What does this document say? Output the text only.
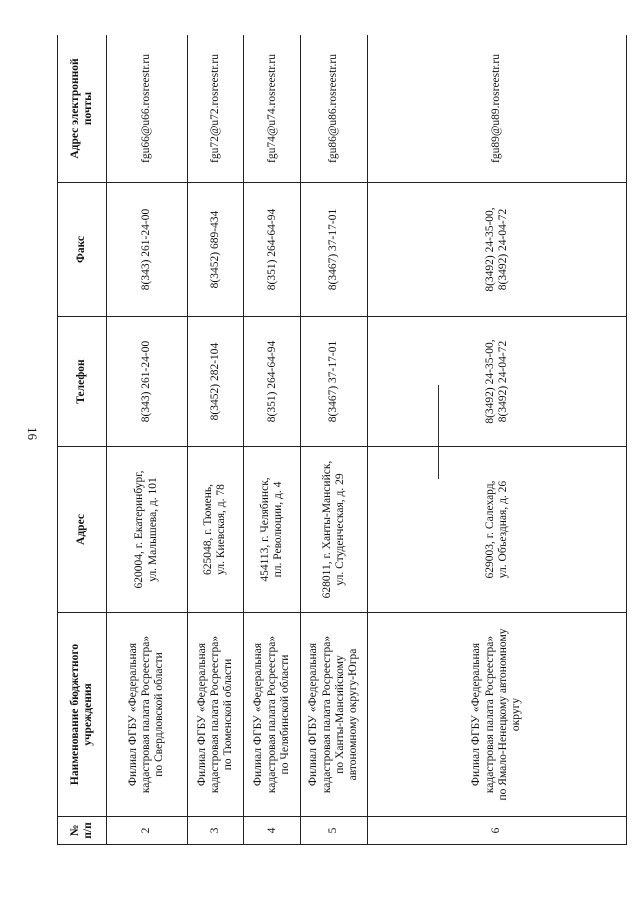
16
№ п/п	Наименование бюджетного
учреждения	Адрес	Телефон	Факс	Адрес электронной
почты
2	Филиал ФГБУ «Федеральная
кадастровая палата Росреестра»
по Свердловской области	620004, г. Екатеринбург,
ул. Малышева, д. 101	8(343) 261-24-00	8(343) 261-24-00	fgu66@u66.rosreestr.ru
3	Филиал ФГБУ «Федеральная
кадастровая палата Росреестра»
по Тюменской области	625048, г. Тюмень,
ул. Киевская, д. 78	8(3452) 282-104	8(3452) 689-434	fgu72@u72.rosreestr.ru
4	Филиал ФГБУ «Федеральная
кадастровая палата Росреестра»
по Челябинской области	454113, г. Челябинск,
пл. Революции, д. 4	8(351) 264-64-94	8(351) 264-64-94	fgu74@u74.rosreestr.ru
5	Филиал ФГБУ «Федеральная
кадастровая палата Росреестра»
по Ханты-Мансийскому
автономному округу-Югра	628011, г. Ханты-Мансийск,
ул. Студенческая, д. 29	8(3467) 37-17-01	8(3467) 37-17-01	fgu86@u86.rosreestr.ru
6	Филиал ФГБУ «Федеральная
кадастровая палата Росреестра»
по Ямало-Ненецкому автономному
округу	629003, г. Салехард,
ул. Объездная, д. 26	8(3492) 24-35-00,
8(3492) 24-04-72	8(3492) 24-35-00,
8(3492) 24-04-72	fgu89@u89.rosreestr.ru
